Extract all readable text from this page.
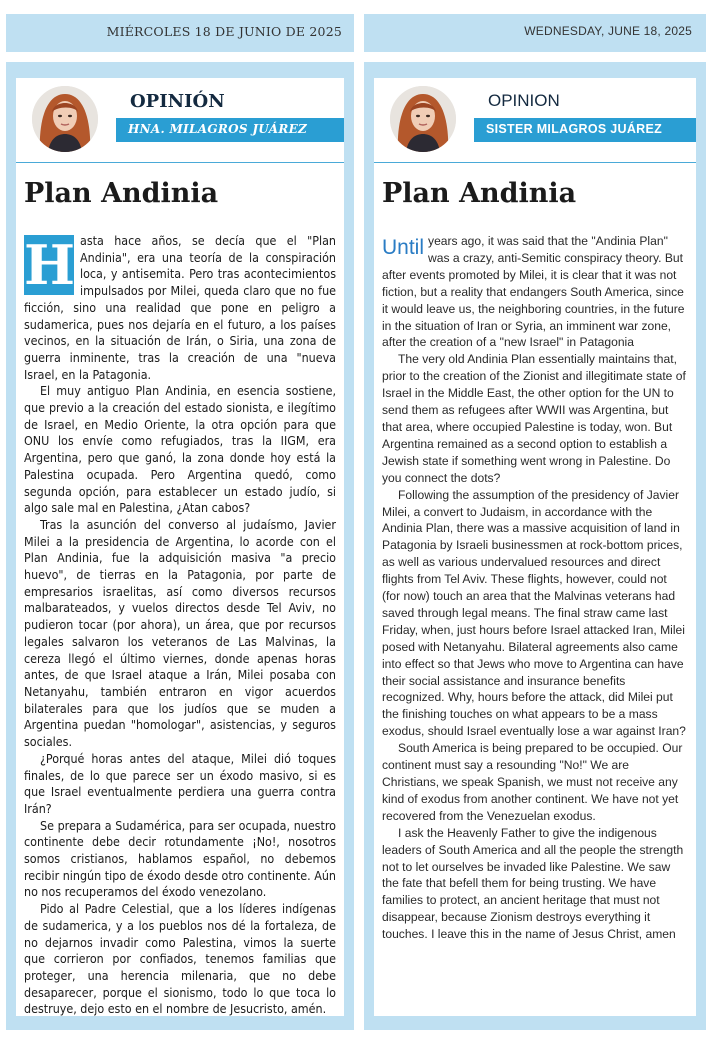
MIÉRCOLES 18 DE JUNIO DE 2025	WEDNESDAY, JUNE 18, 2025
OPINIÓN
HNA. MILAGROS JUÁREZ
Plan Andinia
H asta hace años, se decía que el "Plan Andinia", era una teoría de la conspiración loca, y antisemita. Pero tras acontecimientos impulsados por Milei, queda claro que no fue ficción, sino una realidad que pone en peligro a sudamerica, pues nos dejaría en el futuro, a los países vecinos, en la situación de Irán, o Siria, una zona de guerra inminente, tras la creación de una "nueva Israel, en la Patagonia.

El muy antiguo Plan Andinia, en esencia sostiene, que previo a la creación del estado sionista, e ilegítimo de Israel, en Medio Oriente, la otra opción para que ONU los envíe como refugiados, tras la IIGM, era Argentina, pero que ganó, la zona donde hoy está la Palestina ocupada. Pero Argentina quedó, como segunda opción, para establecer un estado judío, si algo sale mal en Palestina, ¿Atan cabos?

Tras la asunción del converso al judaísmo, Javier Milei a la presidencia de Argentina, lo acorde con el Plan Andinia, fue la adquisición masiva "a precio huevo", de tierras en la Patagonia, por parte de empresarios israelitas, así como diversos recursos malbarateados, y vuelos directos desde Tel Aviv, no pudieron tocar (por ahora), un área, que por recursos legales salvaron los veteranos de Las Malvinas, la cereza llegó el último viernes, donde apenas horas antes, de que Israel ataque a Irán, Milei posaba con Netanyahu, también entraron en vigor acuerdos bilaterales para que los judíos que se muden a Argentina puedan "homologar", asistencias, y seguros sociales.

¿Porqué horas antes del ataque, Milei dió toques finales, de lo que parece ser un éxodo masivo, si es que Israel eventualmente perdiera una guerra contra Irán?

Se prepara a Sudamérica, para ser ocupada, nuestro continente debe decir rotundamente ¡No!, nosotros somos cristianos, hablamos español, no debemos recibir ningún tipo de éxodo desde otro continente. Aún no nos recuperamos del éxodo venezolano.

Pido al Padre Celestial, que a los líderes indígenas de sudamerica, y a los pueblos nos dé la fortaleza, de no dejarnos invadir como Palestina, vimos la suerte que corrieron por confiados, tenemos familias que proteger, una herencia milenaria, que no debe desaparecer, porque el sionismo, todo lo que toca lo destruye, dejo esto en el nombre de Jesucristo, amén.

OPINION
SISTER MILAGROS JUÁREZ
Plan Andinia
Until years ago, it was said that the "Andinia Plan" was a crazy, anti-Semitic conspiracy theory. But after events promoted by Milei, it is clear that it was not fiction, but a reality that endangers South America, since it would leave us, the neighboring countries, in the future in the situation of Iran or Syria, an imminent war zone, after the creation of a "new Israel" in Patagonia

The very old Andinia Plan essentially maintains that, prior to the creation of the Zionist and illegitimate state of Israel in the Middle East, the other option for the UN to send them as refugees after WWII was Argentina, but that area, where occupied Palestine is today, won. But Argentina remained as a second option to establish a Jewish state if something went wrong in Palestine. Do you connect the dots?

Following the assumption of the presidency of Javier Milei, a convert to Judaism, in accordance with the Andinia Plan, there was a massive acquisition of land in Patagonia by Israeli businessmen at rock-bottom prices, as well as various undervalued resources and direct flights from Tel Aviv. These flights, however, could not (for now) touch an area that the Malvinas veterans had saved through legal means. The final straw came last Friday, when, just hours before Israel attacked Iran, Milei posed with Netanyahu. Bilateral agreements also came into effect so that Jews who move to Argentina can have their social assistance and insurance benefits recognized. Why, hours before the attack, did Milei put the finishing touches on what appears to be a mass exodus, should Israel eventually lose a war against Iran?

South America is being prepared to be occupied. Our continent must say a resounding "No!" We are Christians, we speak Spanish, we must not receive any kind of exodus from another continent. We have not yet recovered from the Venezuelan exodus.

I ask the Heavenly Father to give the indigenous leaders of South America and all the people the strength not to let ourselves be invaded like Palestine. We saw the fate that befell them for being trusting. We have families to protect, an ancient heritage that must not disappear, because Zionism destroys everything it touches. I leave this in the name of Jesus Christ, amen
